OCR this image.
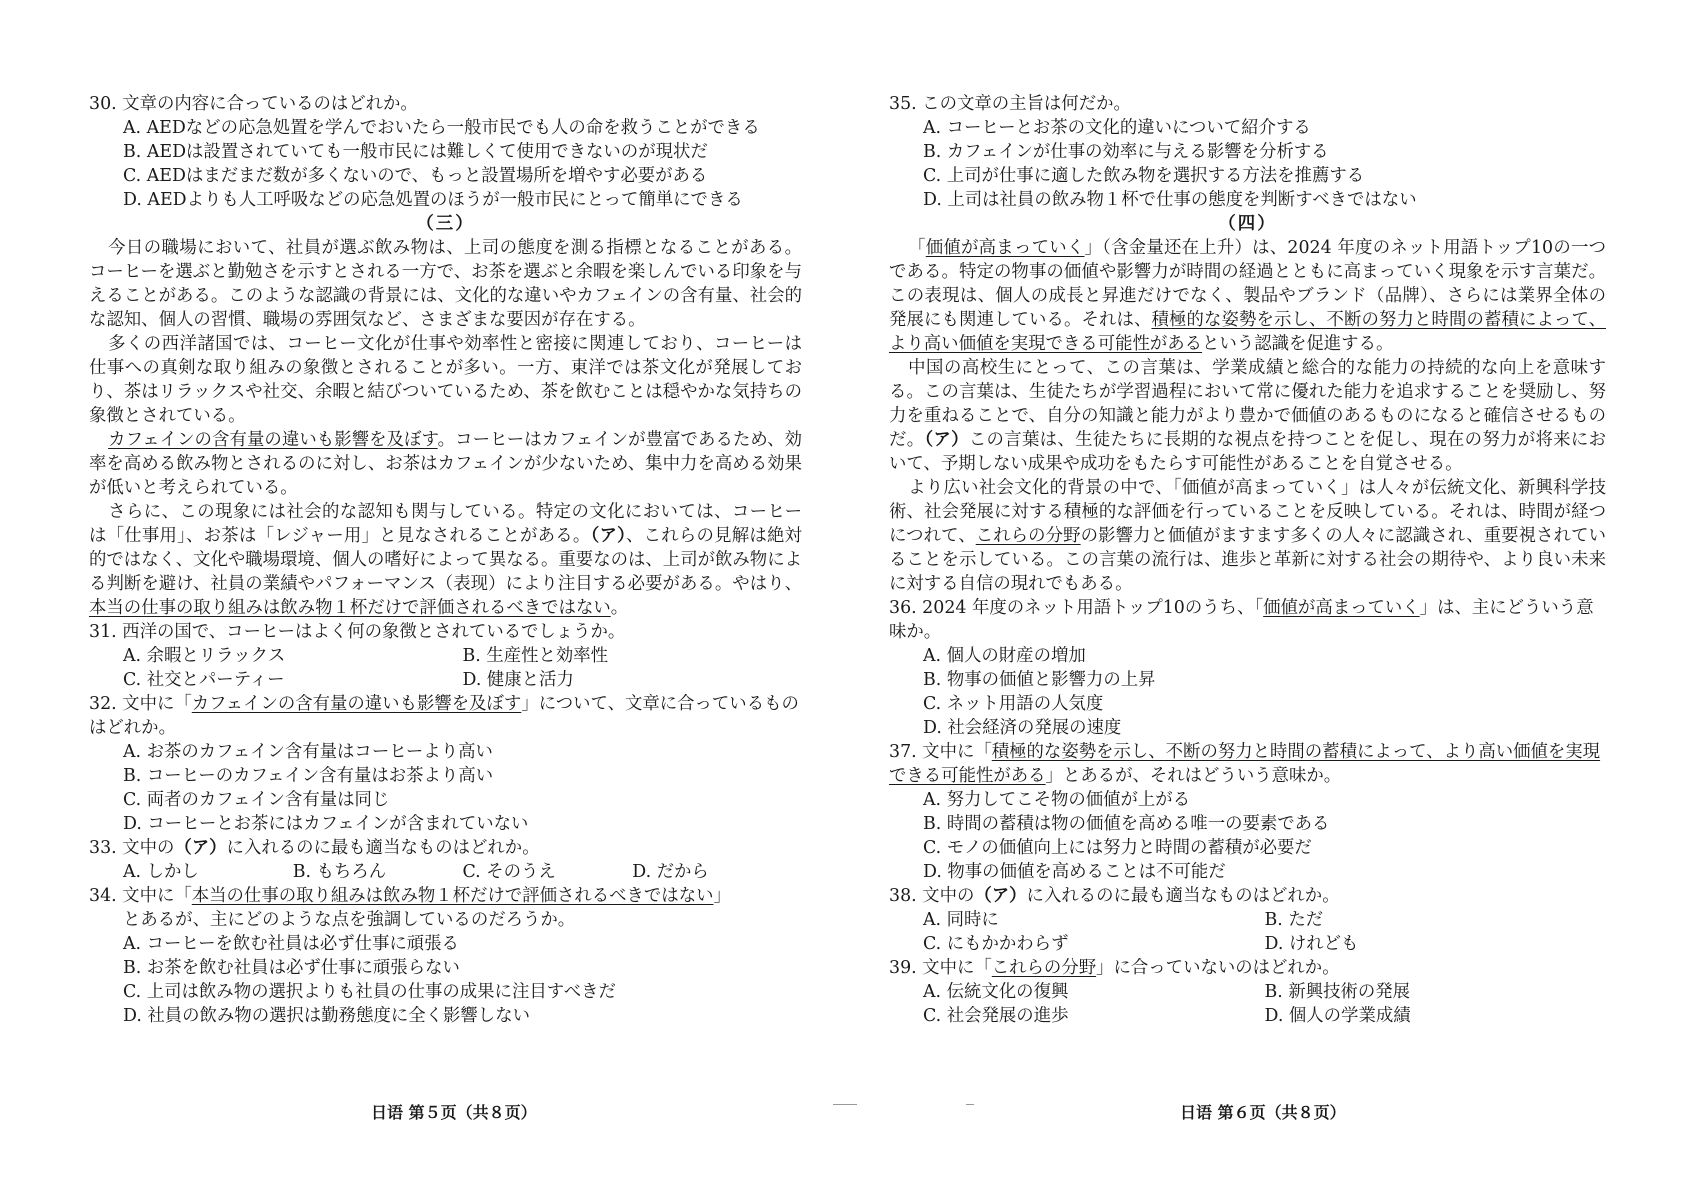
30. 文章の内容に合っているのはどれか。

A. AEDなどの応急処置を学んでおいたら一般市民でも人の命を救うことができる

B. AEDは設置されていても一般市民には難しくて使用できないのが現状だ

C. AEDはまだまだ数が多くないので、もっと設置場所を増やす必要がある

D. AEDよりも人工呼吸などの応急処置のほうが一般市民にとって簡単にできる

（三）

今日の職場において、社員が選ぶ飲み物は、上司の態度を測る指標となることがある。コーヒーを選ぶと勤勉さを示すとされる一方で、お茶を選ぶと余暇を楽しんでいる印象を与えることがある。このような認識の背景には、文化的な違いやカフェインの含有量、社会的な認知、個人の習慣、職場の雰囲気など、さまざまな要因が存在する。

多くの西洋諸国では、コーヒー文化が仕事や効率性と密接に関連しており、コーヒーは仕事への真剣な取り組みの象徴とされることが多い。一方、東洋では茶文化が発展しており、茶はリラックスや社交、余暇と結びついているため、茶を飲むことは穏やかな気持ちの象徴とされている。

カフェインの含有量の違いも影響を及ぼす。コーヒーはカフェインが豊富であるため、効率を高める飲み物とされるのに対し、お茶はカフェインが少ないため、集中力を高める効果が低いと考えられている。

さらに、この現象には社会的な認知も関与している。特定の文化においては、コーヒーは「仕事用」、お茶は「レジャー用」と見なされることがある。（ア）、これらの見解は絶対的ではなく、文化や職場環境、個人の嗜好によって異なる。重要なのは、上司が飲み物による判断を避け、社員の業績やパフォーマンス（表现）により注目する必要がある。やはり、本当の仕事の取り組みは飲み物１杯だけで評価されるべきではない。

31. 西洋の国で、コーヒーはよく何の象徴とされているでしょうか。

A. 余暇とリラックス	B. 生産性と効率性
C. 社交とパーティー	D. 健康と活力

32. 文中に「カフェインの含有量の違いも影響を及ぼす」について、文章に合っているものはどれか。

A. お茶のカフェイン含有量はコーヒーより高い

B. コーヒーのカフェイン含有量はお茶より高い

C. 両者のカフェイン含有量は同じ

D. コーヒーとお茶にはカフェインが含まれていない

33. 文中の（ア）に入れるのに最も適当なものはどれか。

A. しかし	B. もちろん	C. そのうえ	D. だから

34. 文中に「本当の仕事の取り組みは飲み物１杯だけで評価されるべきではない」

とあるが、主にどのような点を強調しているのだろうか。

A. コーヒーを飲む社員は必ず仕事に頑張る

B. お茶を飲む社員は必ず仕事に頑張らない

C. 上司は飲み物の選択よりも社員の仕事の成果に注目すべきだ

D. 社員の飲み物の選択は勤務態度に全く影響しない

35. この文章の主旨は何だか。

A. コーヒーとお茶の文化的違いについて紹介する

B. カフェインが仕事の効率に与える影響を分析する

C. 上司が仕事に適した飲み物を選択する方法を推薦する

D. 上司は社員の飲み物１杯で仕事の態度を判断すべきではない

（四）

「価値が高まっていく」（含金量还在上升）は、2024 年度のネット用語トップ10の一つである。特定の物事の価値や影響力が時間の経過とともに高まっていく現象を示す言葉だ。この表現は、個人の成長と昇進だけでなく、製品やブランド（品牌）、さらには業界全体の発展にも関連している。それは、積極的な姿勢を示し、不断の努力と時間の蓄積によって、より高い価値を実現できる可能性があるという認識を促進する。

中国の高校生にとって、この言葉は、学業成績と総合的な能力の持続的な向上を意味する。この言葉は、生徒たちが学習過程において常に優れた能力を追求することを奨励し、努力を重ねることで、自分の知識と能力がより豊かで価値のあるものになると確信させるものだ。（ア）この言葉は、生徒たちに長期的な視点を持つことを促し、現在の努力が将来において、予期しない成果や成功をもたらす可能性があることを自覚させる。

より広い社会文化的背景の中で、「価値が高まっていく」は人々が伝統文化、新興科学技術、社会発展に対する積極的な評価を行っていることを反映している。それは、時間が経つにつれて、これらの分野の影響力と価値がますます多くの人々に認識され、重要視されていることを示している。この言葉の流行は、進歩と革新に対する社会の期待や、より良い未来に対する自信の現れでもある。

36. 2024 年度のネット用語トップ10のうち、「価値が高まっていく」は、主にどういう意味か。

A. 個人の財産の増加

B. 物事の価値と影響力の上昇

C. ネット用語の人気度

D. 社会経済の発展の速度

37. 文中に「積極的な姿勢を示し、不断の努力と時間の蓄積によって、より高い価値を実現できる可能性がある」とあるが、それはどういう意味か。

A. 努力してこそ物の価値が上がる

B. 時間の蓄積は物の価値を高める唯一の要素である

C. モノの価値向上には努力と時間の蓄積が必要だ

D. 物事の価値を高めることは不可能だ

38. 文中の（ア）に入れるのに最も適当なものはどれか。

A. 同時に	B. ただ
C. にもかかわらず	D. けれども

39. 文中に「これらの分野」に合っていないのはどれか。

A. 伝統文化の復興	B. 新興技術の発展
C. 社会発展の進歩	D. 個人の学業成績
日语 第５页（共８页）	日语 第６页（共８页）
